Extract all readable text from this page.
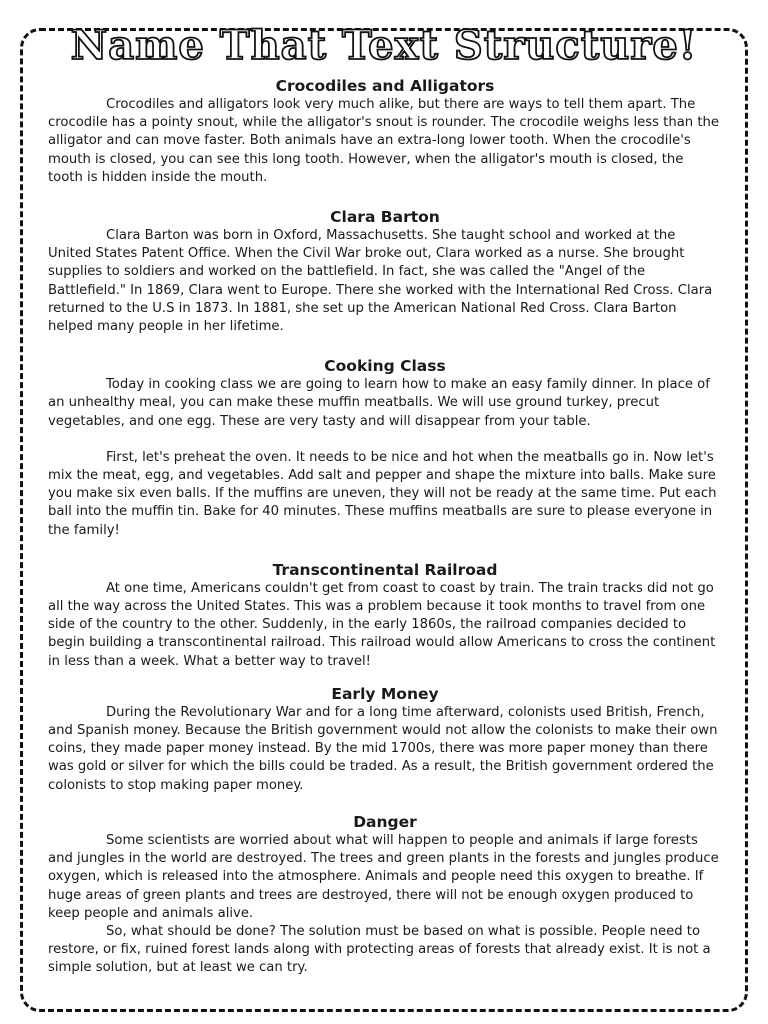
Name That Text Structure!
Crocodiles and Alligators

Crocodiles and alligators look very much alike, but there are ways to tell them apart. The crocodile has a pointy snout, while the alligator's snout is rounder. The crocodile weighs less than the alligator and can move faster. Both animals have an extra-long lower tooth. When the crocodile's mouth is closed, you can see this long tooth. However, when the alligator's mouth is closed, the tooth is hidden inside the mouth.

Clara Barton

Clara Barton was born in Oxford, Massachusetts. She taught school and worked at the United States Patent Office. When the Civil War broke out, Clara worked as a nurse. She brought supplies to soldiers and worked on the battlefield. In fact, she was called the "Angel of the Battlefield." In 1869, Clara went to Europe. There she worked with the International Red Cross. Clara returned to the U.S in 1873. In 1881, she set up the American National Red Cross. Clara Barton helped many people in her lifetime.

Cooking Class

Today in cooking class we are going to learn how to make an easy family dinner. In place of an unhealthy meal, you can make these muffin meatballs. We will use ground turkey, precut vegetables, and one egg. These are very tasty and will disappear from your table.

First, let's preheat the oven. It needs to be nice and hot when the meatballs go in. Now let's mix the meat, egg, and vegetables. Add salt and pepper and shape the mixture into balls. Make sure you make six even balls. If the muffins are uneven, they will not be ready at the same time. Put each ball into the muffin tin. Bake for 40 minutes. These muffins meatballs are sure to please everyone in the family!

Transcontinental Railroad

At one time, Americans couldn't get from coast to coast by train. The train tracks did not go all the way across the United States. This was a problem because it took months to travel from one side of the country to the other. Suddenly, in the early 1860s, the railroad companies decided to begin building a transcontinental railroad. This railroad would allow Americans to cross the continent in less than a week. What a better way to travel!

Early Money

During the Revolutionary War and for a long time afterward, colonists used British, French, and Spanish money. Because the British government would not allow the colonists to make their own coins, they made paper money instead. By the mid 1700s, there was more paper money than there was gold or silver for which the bills could be traded. As a result, the British government ordered the colonists to stop making paper money.

Danger

Some scientists are worried about what will happen to people and animals if large forests and jungles in the world are destroyed. The trees and green plants in the forests and jungles produce oxygen, which is released into the atmosphere. Animals and people need this oxygen to breathe. If huge areas of green plants and trees are destroyed, there will not be enough oxygen produced to keep people and animals alive.

So, what should be done? The solution must be based on what is possible. People need to restore, or fix, ruined forest lands along with protecting areas of forests that already exist. It is not a simple solution, but at least we can try.
